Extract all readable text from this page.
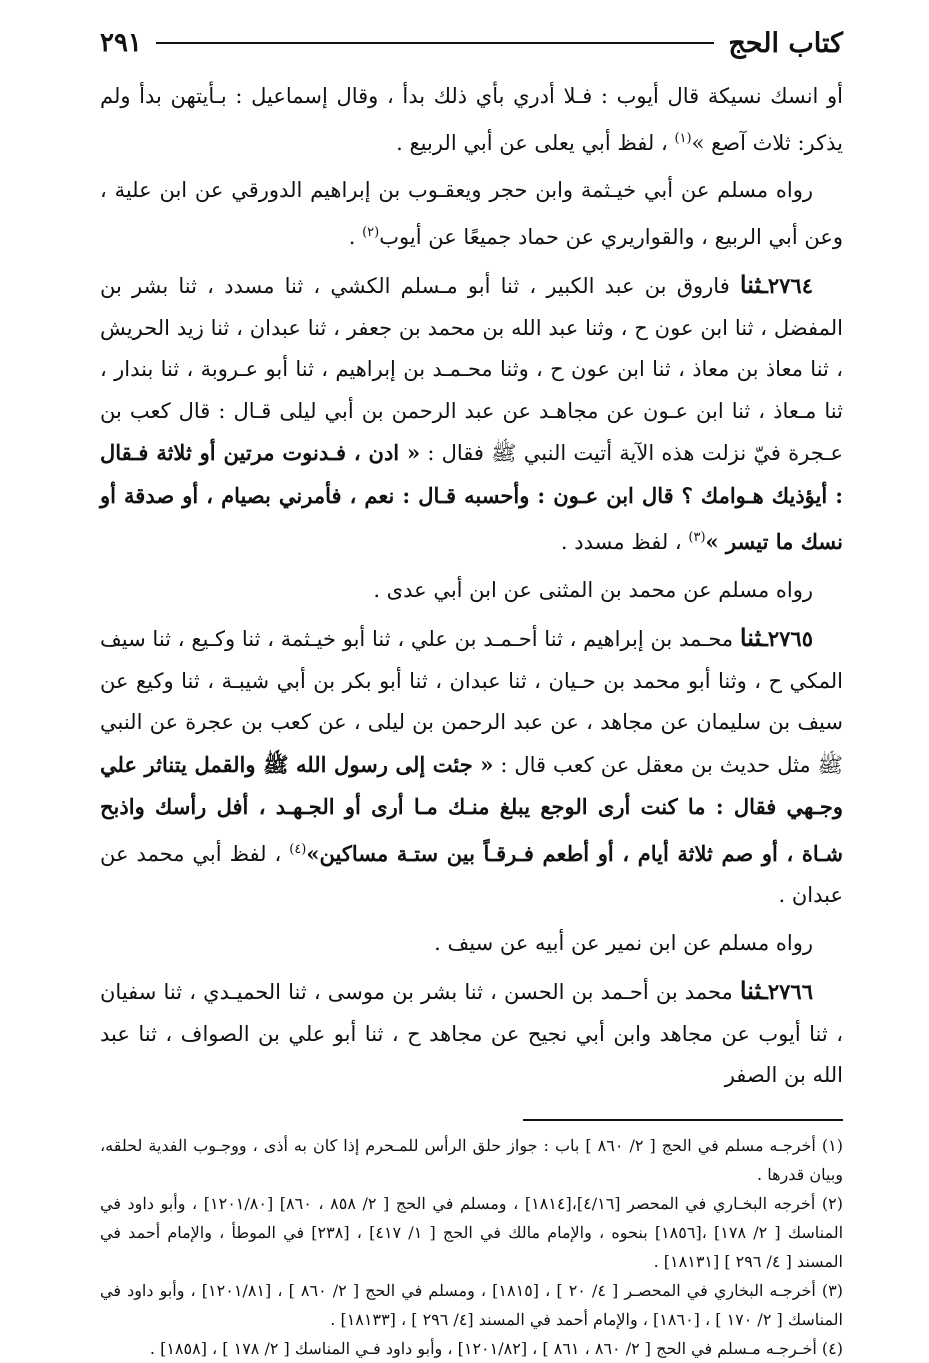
كتاب الحج
٢٩١

أو انسك نسيكة قال أيوب : فـلا أدري بأي ذلك بدأ ، وقال إسماعيل : بـأيتهن بدأ ولم يذكر: ثلاث آصع »$^{(١)}$ ، لفظ أبي يعلى عن أبي الربيع .

رواه مسلم عن أبي خيـثمة وابن حجر ويعقـوب بن إبراهيم الدورقي عن ابن علية ، وعن أبي الربيع ، والقواريري عن حماد جميعًا عن أيوب$^{(٢)}$ .

٢٧٦٤ـثنا فاروق بن عبد الكبير ، ثنا أبو مـسلم الكشي ، ثنا مسدد ، ثنا بشر بن المفضل ، ثنا ابن عون ح ، وثنا عبد الله بن محمد بن جعفر ، ثنا عبدان ، ثنا زيد الحريش ، ثنا معاذ بن معاذ ، ثنا ابن عون ح ، وثنا محـمـد بن إبراهيم ، ثنا أبو عـروبة ، ثنا بندار ، ثنا مـعاذ ، ثنا ابن عـون عن مجاهـد عن عبد الرحمن بن أبي ليلى قـال : قال كعب بن عـجرة فيّ نزلت هذه الآية أتيت النبي ﷺ فقال : « ادن ، فـدنوت مرتين أو ثلاثة فـقال : أيؤذيك هـوامك ؟ قال ابن عـون : وأحسبه قـال : نعم ، فأمرني بصيام ، أو صدقة أو نسك ما تيسر »$^{(٣)}$ ، لفظ مسدد .

رواه مسلم عن محمد بن المثنى عن ابن أبي عدى .

٢٧٦٥ـثنا محـمد بن إبراهيم ، ثنا أحـمـد بن علي ، ثنا أبو خيـثمة ، ثنا وكـيع ، ثنا سيف المكي ح ، وثنا أبو محمد بن حـيان ، ثنا عبدان ، ثنا أبو بكر بن أبي شيبـة ، ثنا وكيع عن سيف بن سليمان عن مجاهد ، عن عبد الرحمن بن ليلى ، عن كعب بن عجرة عن النبي ﷺ مثل حديث بن معقل عن كعب قال : « جئت إلى رسول الله ﷺ والقمل يتناثر علي وجـهي فقال : ما كنت أرى الوجع يبلغ منـك مـا أرى أو الجـهـد ، أفل رأسك واذبح شـاة ، أو صم ثلاثة أيام ، أو أطعم فـرقـاً بين ستـة مساكين»$^{(٤)}$ ، لفظ أبي محمد عن عبدان .

رواه مسلم عن ابن نمير عن أبيه عن سيف .

٢٧٦٦ـثنا محمد بن أحـمد بن الحسن ، ثنا بشر بن موسى ، ثنا الحميـدي ، ثنا سفيان ، ثنا أيوب عن مجاهد وابن أبي نجيح عن مجاهد ح ، ثنا أبو علي بن الصواف ، ثنا عبد الله بن الصفر

(١) أخرجـه مسلم في الحج [ ٢/ ٨٦٠ ] باب : جواز حلق الرأس للمـحرم إذا كان به أذى ، ووجـوب الفدية لحلقه، وبيان قدرها .

(٢) أخرجه البخـاري في المحصر [٤/١٦]،[١٨١٤] ، ومسلم في الحج [ ٢/ ٨٥٨ ، ٨٦٠] [١٢٠١/٨٠] ، وأبو داود في المناسك [ ٢/ ١٧٨] ،[١٨٥٦] بنحوه ، والإمام مالك في الحج [ ١/ ٤١٧] ، [٢٣٨] في الموطأ ، والإمام أحمد في المسند [ ٤/ ٢٩٦ ] [١٨١٣١] .

(٣) أخرجـه البخاري في المحصـر [ ٤/ ٢٠ ] ، [١٨١٥] ، ومسلم في الحج [ ٢/ ٨٦٠ ] ، [١٢٠١/٨١] ، وأبو داود في المناسك [ ٢/ ١٧٠ ] ، [١٨٦٠] ، والإمام أحمد في المسند [٤/ ٢٩٦ ] ، [١٨١٣٣] .

(٤) أخـرجـه مـسلم في الحج [ ٢/ ٨٦٠ ، ٨٦١ ] ، [١٢٠١/٨٢] ، وأبو داود فـي المناسك [ ٢/ ١٧٨ ] ، [١٨٥٨] .
